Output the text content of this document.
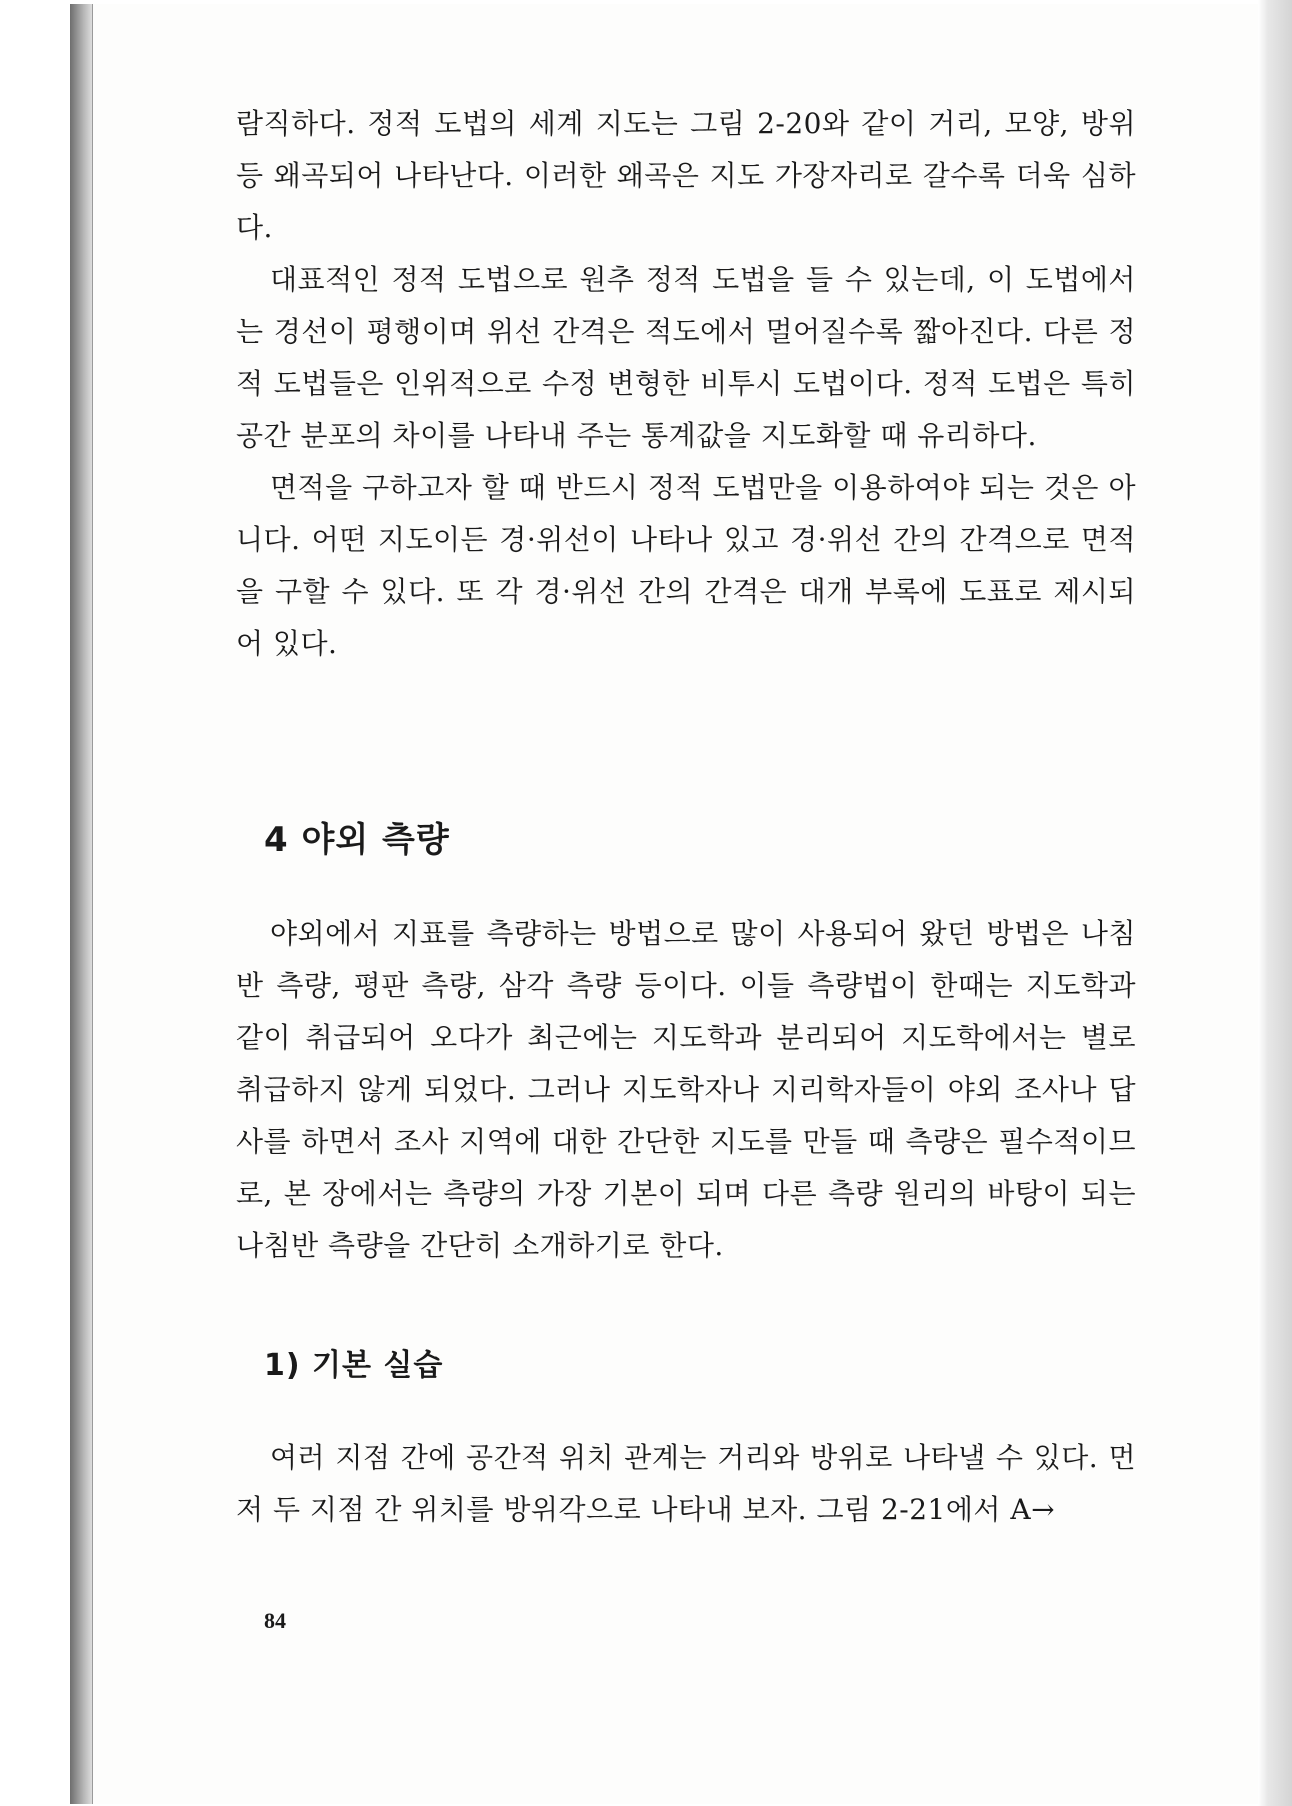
람직하다. 정적 도법의 세계 지도는 그림 2-20와 같이 거리, 모양, 방위 등 왜곡되어 나타난다. 이러한 왜곡은 지도 가장자리로 갈수록 더욱 심하다.

대표적인 정적 도법으로 원추 정적 도법을 들 수 있는데, 이 도법에서는 경선이 평행이며 위선 간격은 적도에서 멀어질수록 짧아진다. 다른 정적 도법들은 인위적으로 수정 변형한 비투시 도법이다. 정적 도법은 특히 공간 분포의 차이를 나타내 주는 통계값을 지도화할 때 유리하다.

면적을 구하고자 할 때 반드시 정적 도법만을 이용하여야 되는 것은 아니다. 어떤 지도이든 경·위선이 나타나 있고 경·위선 간의 간격으로 면적을 구할 수 있다. 또 각 경·위선 간의 간격은 대개 부록에 도표로 제시되어 있다.

4 야외 측량

야외에서 지표를 측량하는 방법으로 많이 사용되어 왔던 방법은 나침반 측량, 평판 측량, 삼각 측량 등이다. 이들 측량법이 한때는 지도학과 같이 취급되어 오다가 최근에는 지도학과 분리되어 지도학에서는 별로 취급하지 않게 되었다. 그러나 지도학자나 지리학자들이 야외 조사나 답사를 하면서 조사 지역에 대한 간단한 지도를 만들 때 측량은 필수적이므로, 본 장에서는 측량의 가장 기본이 되며 다른 측량 원리의 바탕이 되는 나침반 측량을 간단히 소개하기로 한다.

1) 기본 실습

여러 지점 간에 공간적 위치 관계는 거리와 방위로 나타낼 수 있다. 먼저 두 지점 간 위치를 방위각으로 나타내 보자. 그림 2-21에서 A→

84
